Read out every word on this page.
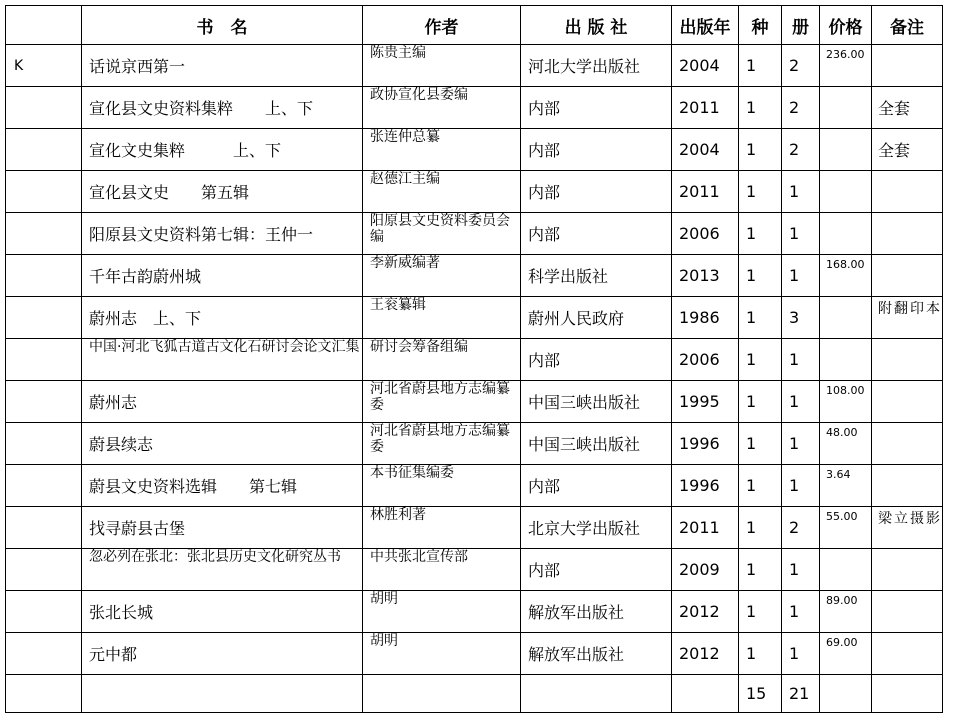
	书　名	作者	出 版 社	出版年	种	册	价格	备注
K	话说京西第一	陈贵主编	河北大学出版社	2004	1	2	236.00	
	宣化县文史资料集粹　　上、下	政协宣化县委编	内部	2011	1	2		全套
	宣化文史集粹　　　上、下	张连仲总纂	内部	2004	1	2		全套
	宣化县文史　　第五辑	赵德江主编	内部	2011	1	1		
	阳原县文史资料第七辑：王仲一	阳原县文史资料委员会编	内部	2006	1	1		
	千年古韵蔚州城	李新威编著	科学出版社	2013	1	1	168.00	
	蔚州志　上、下	王衮纂辑	蔚州人民政府	1986	1	3		附翻印本
	中国·河北飞狐古道古文化石研讨会论文汇集	研讨会筹备组编	内部	2006	1	1		
	蔚州志	河北省蔚县地方志编纂委	中国三峡出版社	1995	1	1	108.00	
	蔚县续志	河北省蔚县地方志编纂委	中国三峡出版社	1996	1	1	48.00	
	蔚县文史资料选辑　　第七辑	本书征集编委	内部	1996	1	1	3.64	
	找寻蔚县古堡	林胜利著	北京大学出版社	2011	1	2	55.00	梁立摄影
	忽必列在张北：张北县历史文化研究丛书	中共张北宣传部	内部	2009	1	1		
	张北长城	胡明	解放军出版社	2012	1	1	89.00	
	元中都	胡明	解放军出版社	2012	1	1	69.00	
					15	21		
